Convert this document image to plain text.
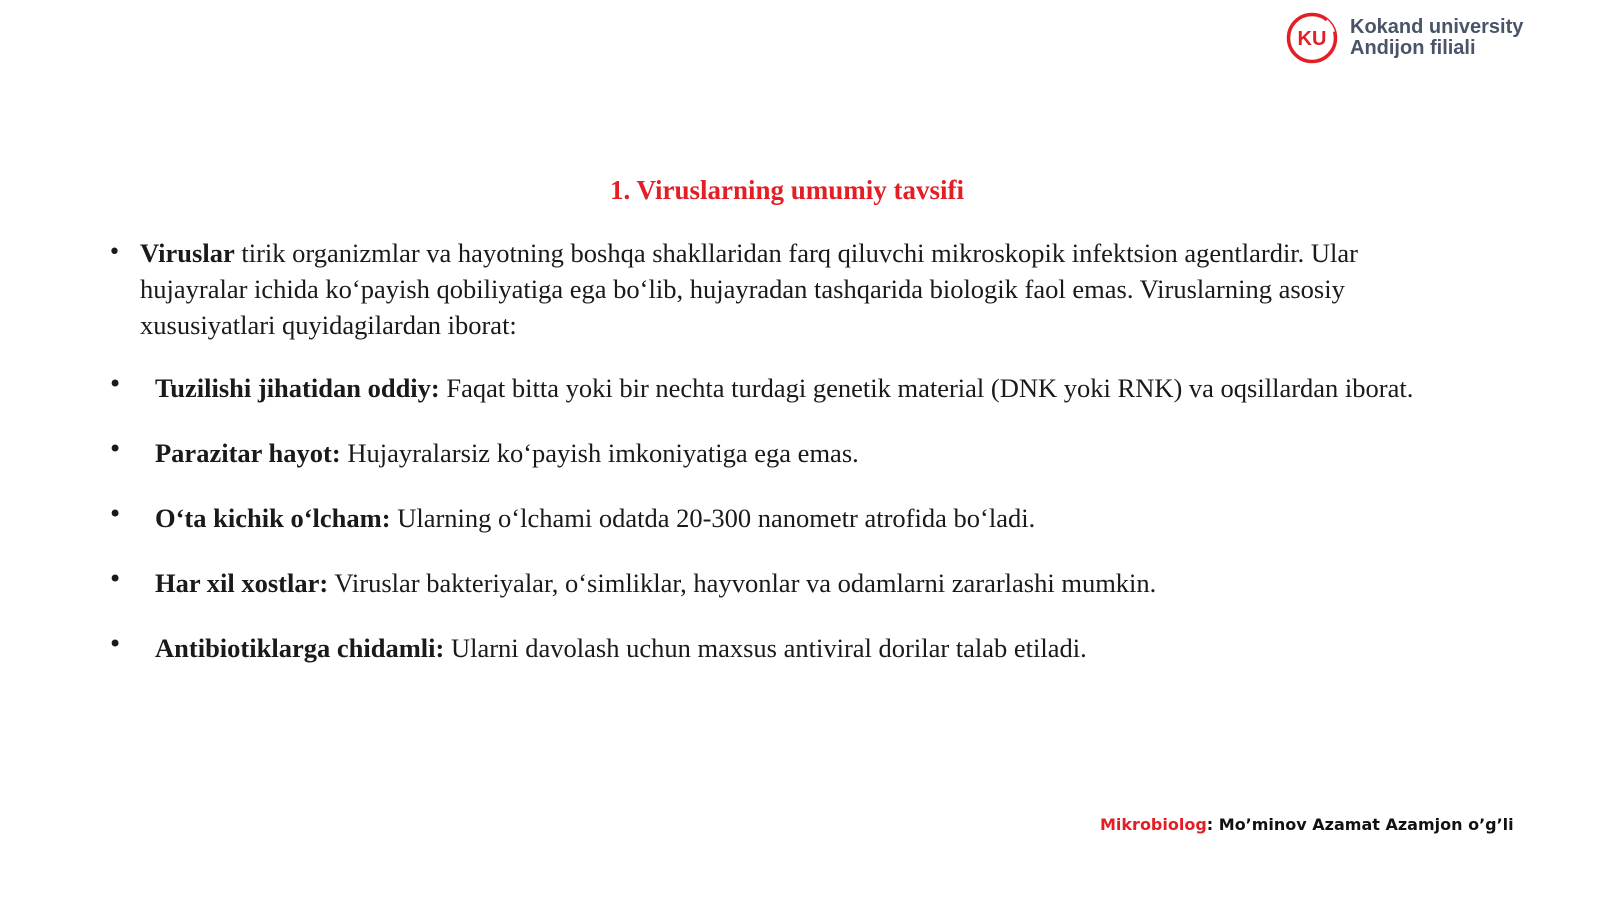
KU
Kokand university
Andijon filiali
1. Viruslarning umumiy tavsifi
• Viruslar tirik organizmlar va hayotning boshqa shakllaridan farq qiluvchi mikroskopik infektsion agentlardir. Ular hujayralar ichida ko‘payish qobiliyatiga ega bo‘lib, hujayradan tashqarida biologik faol emas. Viruslarning asosiy xususiyatlari quyidagilardan iborat:
•	Tuzilishi jihatidan oddiy: Faqat bitta yoki bir nechta turdagi genetik material (DNK yoki RNK) va oqsillardan iborat.
•	Parazitar hayot: Hujayralarsiz ko‘payish imkoniyatiga ega emas.
•	O‘ta kichik o‘lcham: Ularning o‘lchami odatda 20-300 nanometr atrofida bo‘ladi.
•	Har xil xostlar: Viruslar bakteriyalar, o‘simliklar, hayvonlar va odamlarni zararlashi mumkin.
•	Antibiotiklarga chidamli: Ularni davolash uchun maxsus antiviral dorilar talab etiladi.
Mikrobiolog: Mo’minov Azamat Azamjon o’g’li
